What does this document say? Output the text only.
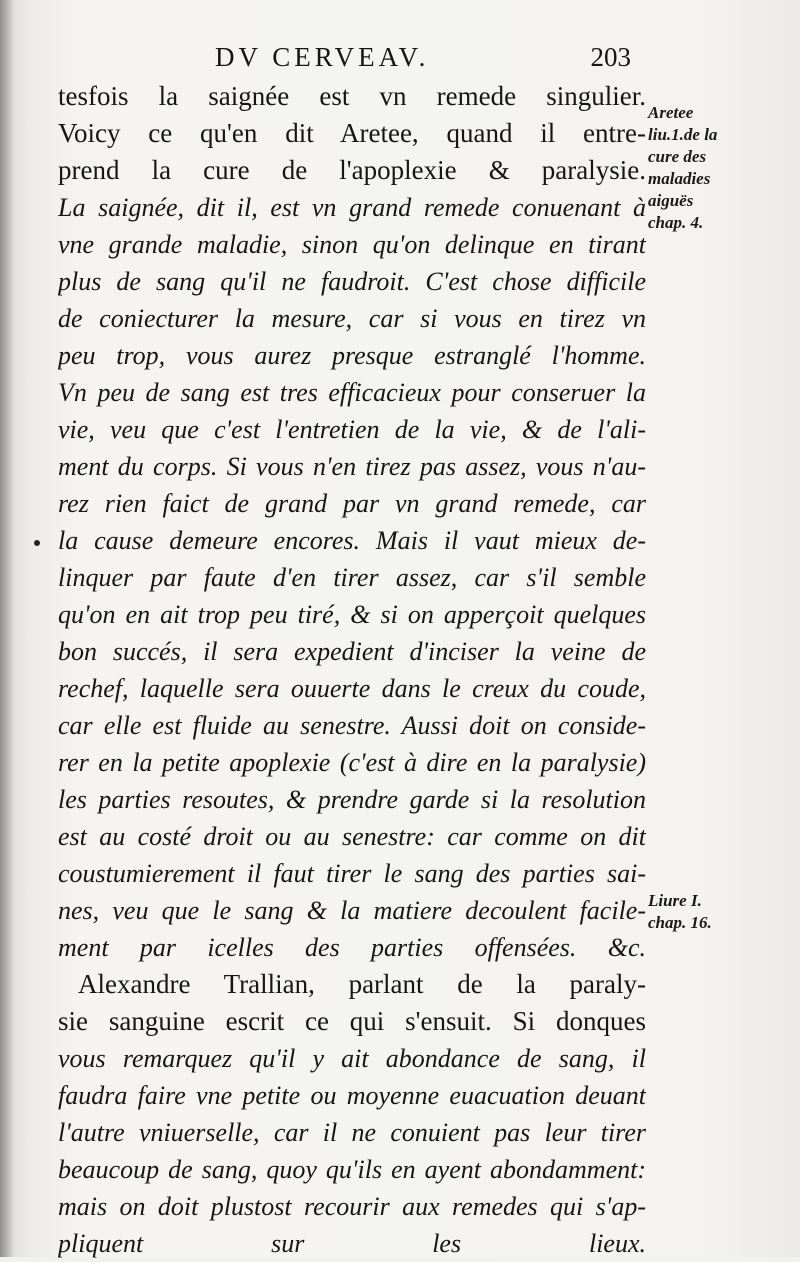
DV CERVEAV.	203
tesfois la saignée est vn remede singulier.
Voicy ce qu'en dit Aretee, quand il entre-
prend la cure de l'apoplexie & paralysie.
La saignée, dit il, est vn grand remede conuenant à
vne grande maladie, sinon qu'on delinque en tirant
plus de sang qu'il ne faudroit. C'est chose difficile
de coniecturer la mesure, car si vous en tirez vn
peu trop, vous aurez presque estranglé l'homme.
Vn peu de sang est tres efficacieux pour conseruer la
vie, veu que c'est l'entretien de la vie, & de l'ali-
ment du corps. Si vous n'en tirez pas assez, vous n'au-
rez rien faict de grand par vn grand remede, car
la cause demeure encores. Mais il vaut mieux de-
linquer par faute d'en tirer assez, car s'il semble
qu'on en ait trop peu tiré, & si on apperçoit quelques
bon succés, il sera expedient d'inciser la veine de
rechef, laquelle sera ouuerte dans le creux du coude,
car elle est fluide au senestre. Aussi doit on conside-
rer en la petite apoplexie (c'est à dire en la paralysie)
les parties resoutes, & prendre garde si la resolution
est au costé droit ou au senestre: car comme on dit
coustumierement il faut tirer le sang des parties sai-
nes, veu que le sang & la matiere decoulent facile-
ment par icelles des parties offensées. &c.
Alexandre Trallian, parlant de la paraly-
sie sanguine escrit ce qui s'ensuit. Si donques
vous remarquez qu'il y ait abondance de sang, il
faudra faire vne petite ou moyenne euacuation deuant
l'autre vniuerselle, car il ne conuient pas leur tirer
beaucoup de sang, quoy qu'ils en ayent abondamment:
mais on doit plustost recourir aux remedes qui s'ap-
pliquent sur les lieux.
Aretee
liu.1.de la
cure des
maladies
aiguës
chap. 4.
Liure I.
chap. 16.
